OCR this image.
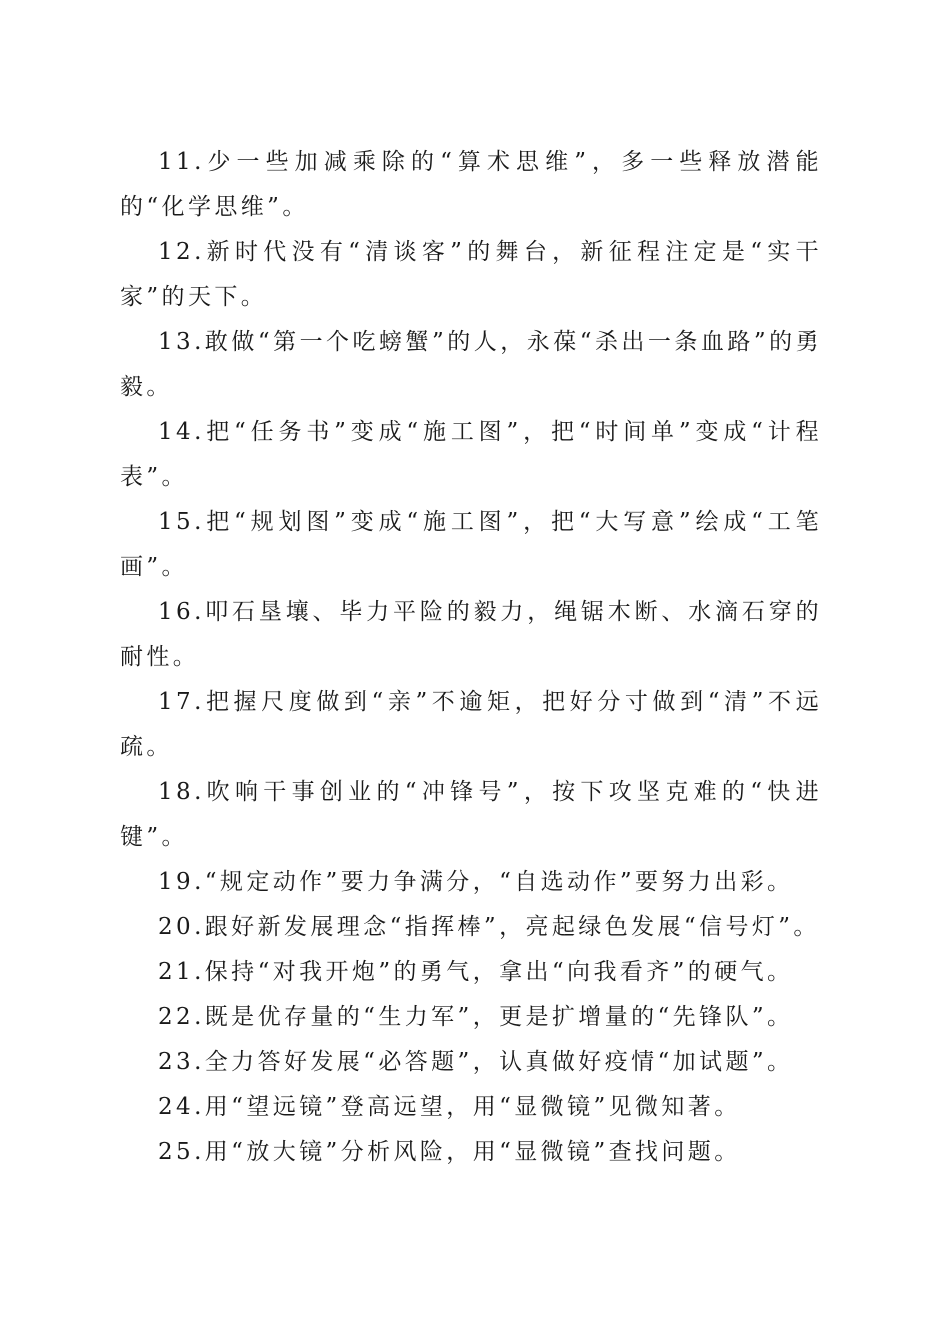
11.少一些加减乘除的“算术思维”，多一些释放潜能的“化学思维”。

12.新时代没有“清谈客”的舞台，新征程注定是“实干家”的天下。

13.敢做“第一个吃螃蟹”的人，永葆“杀出一条血路”的勇毅。

14.把“任务书”变成“施工图”，把“时间单”变成“计程表”。

15.把“规划图”变成“施工图”，把“大写意”绘成“工笔画”。

16.叩石垦壤、毕力平险的毅力，绳锯木断、水滴石穿的耐性。

17.把握尺度做到“亲”不逾矩，把好分寸做到“清”不远疏。

18.吹响干事创业的“冲锋号”，按下攻坚克难的“快进键”。

19.“规定动作”要力争满分，“自选动作”要努力出彩。

20.跟好新发展理念“指挥棒”，亮起绿色发展“信号灯”。

21.保持“对我开炮”的勇气，拿出“向我看齐”的硬气。

22.既是优存量的“生力军”，更是扩增量的“先锋队”。

23.全力答好发展“必答题”，认真做好疫情“加试题”。

24.用“望远镜”登高远望，用“显微镜”见微知著。

25.用“放大镜”分析风险，用“显微镜”查找问题。
